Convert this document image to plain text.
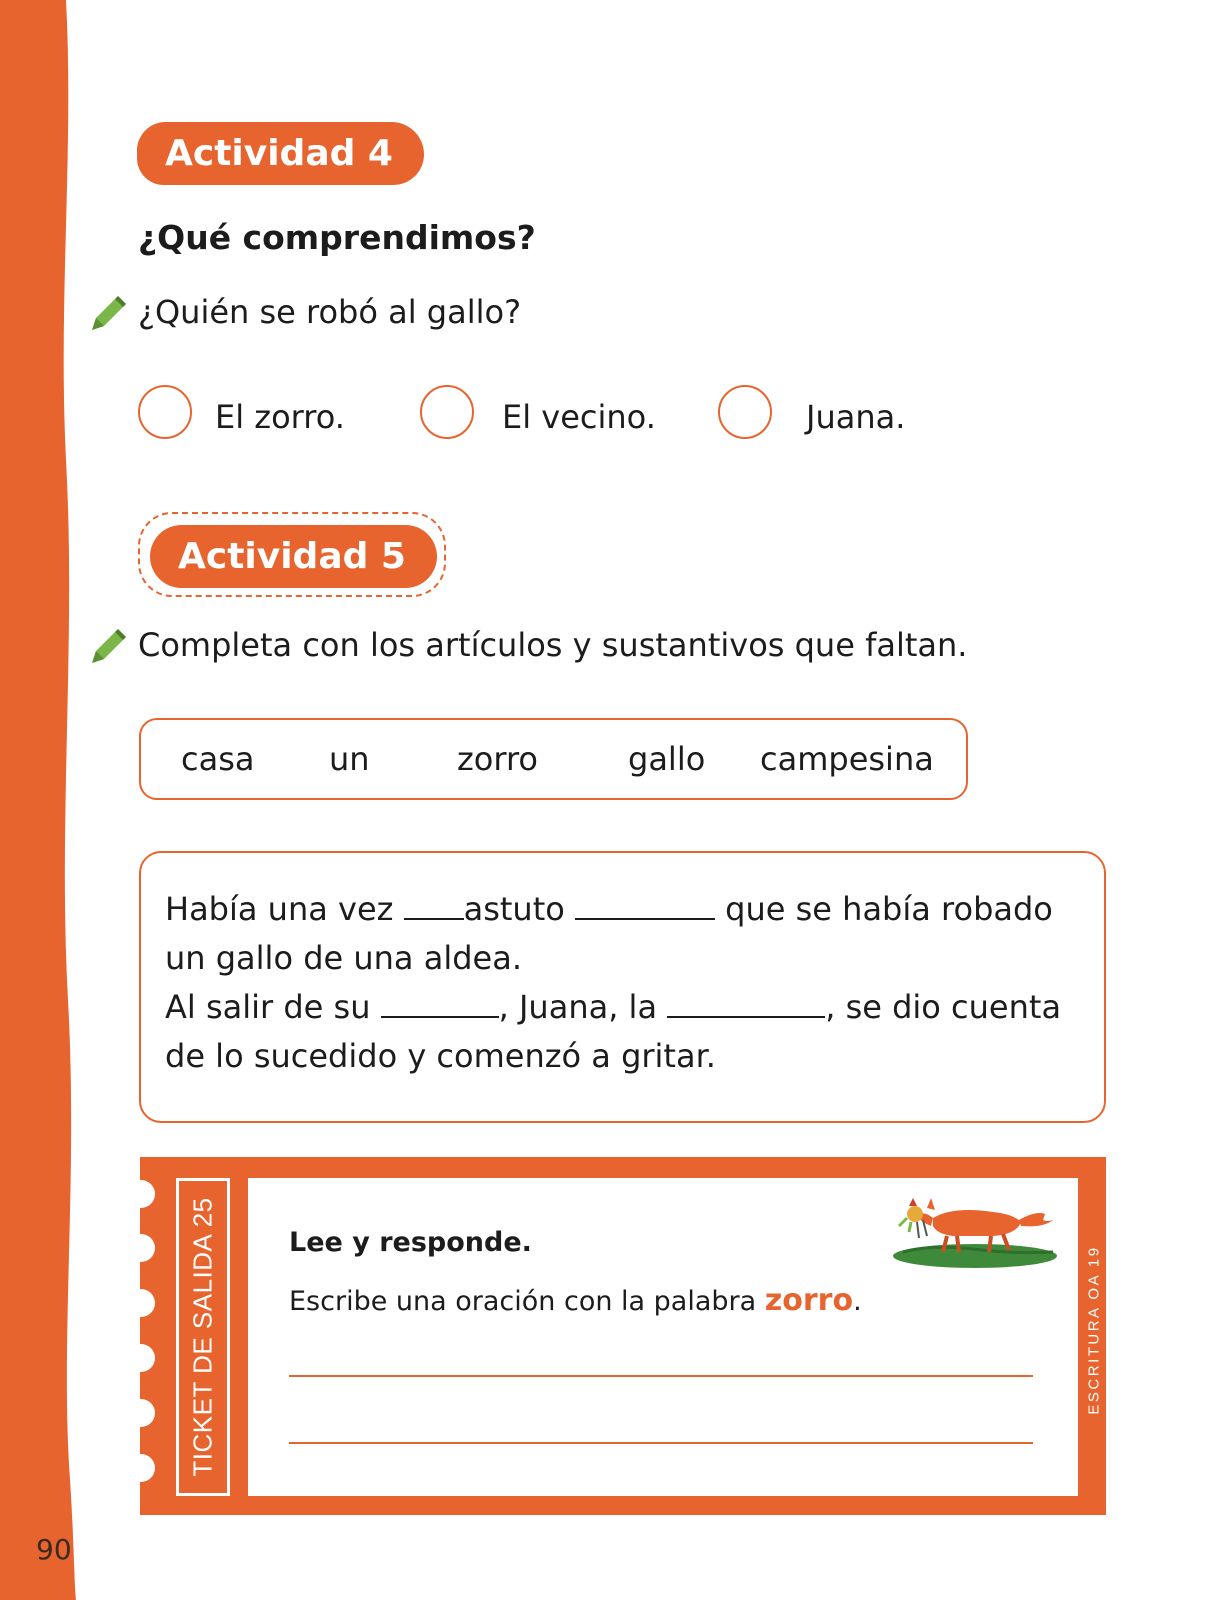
90
Actividad 4
¿Qué comprendimos?
¿Quién se robó al gallo?
El zorro.	El vecino.	Juana.
Actividad 5
Completa con los artículos y sustantivos que faltan.
casa un	zorro	gallo campesina
Había una vez astuto	que se había robado
un gallo de una aldea.
Al salir de su	, Juana, la	, se dio cuenta
de lo sucedido y comenzó a gritar.
TICKET DE SALIDA 25	ESCRITURA OA 19
Lee y responde.
Escribe una oración con la palabra zorro.
